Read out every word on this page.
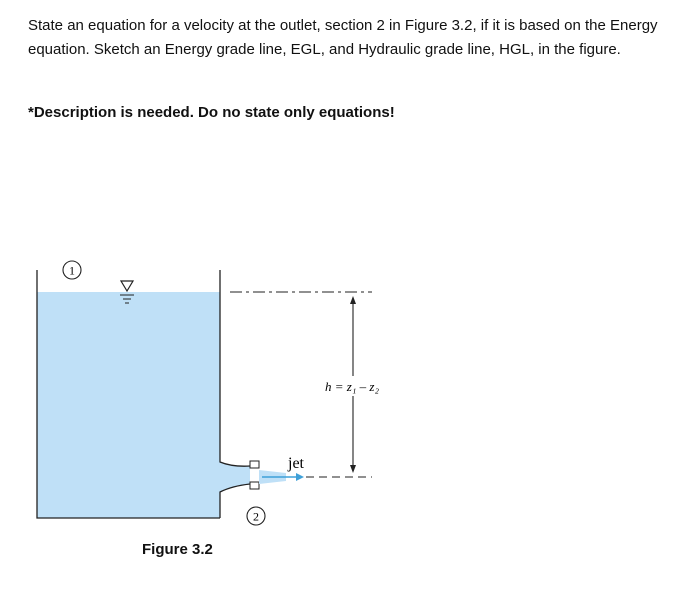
State an equation for a velocity at the outlet, section 2 in Figure 3.2, if it is based on the Energy

equation. Sketch an Energy grade line, EGL, and Hydraulic grade line, HGL, in the figure.

*Description is needed. Do no state only equations!
jet
1
2
h = z₁ – z₂
Figure 3.2
